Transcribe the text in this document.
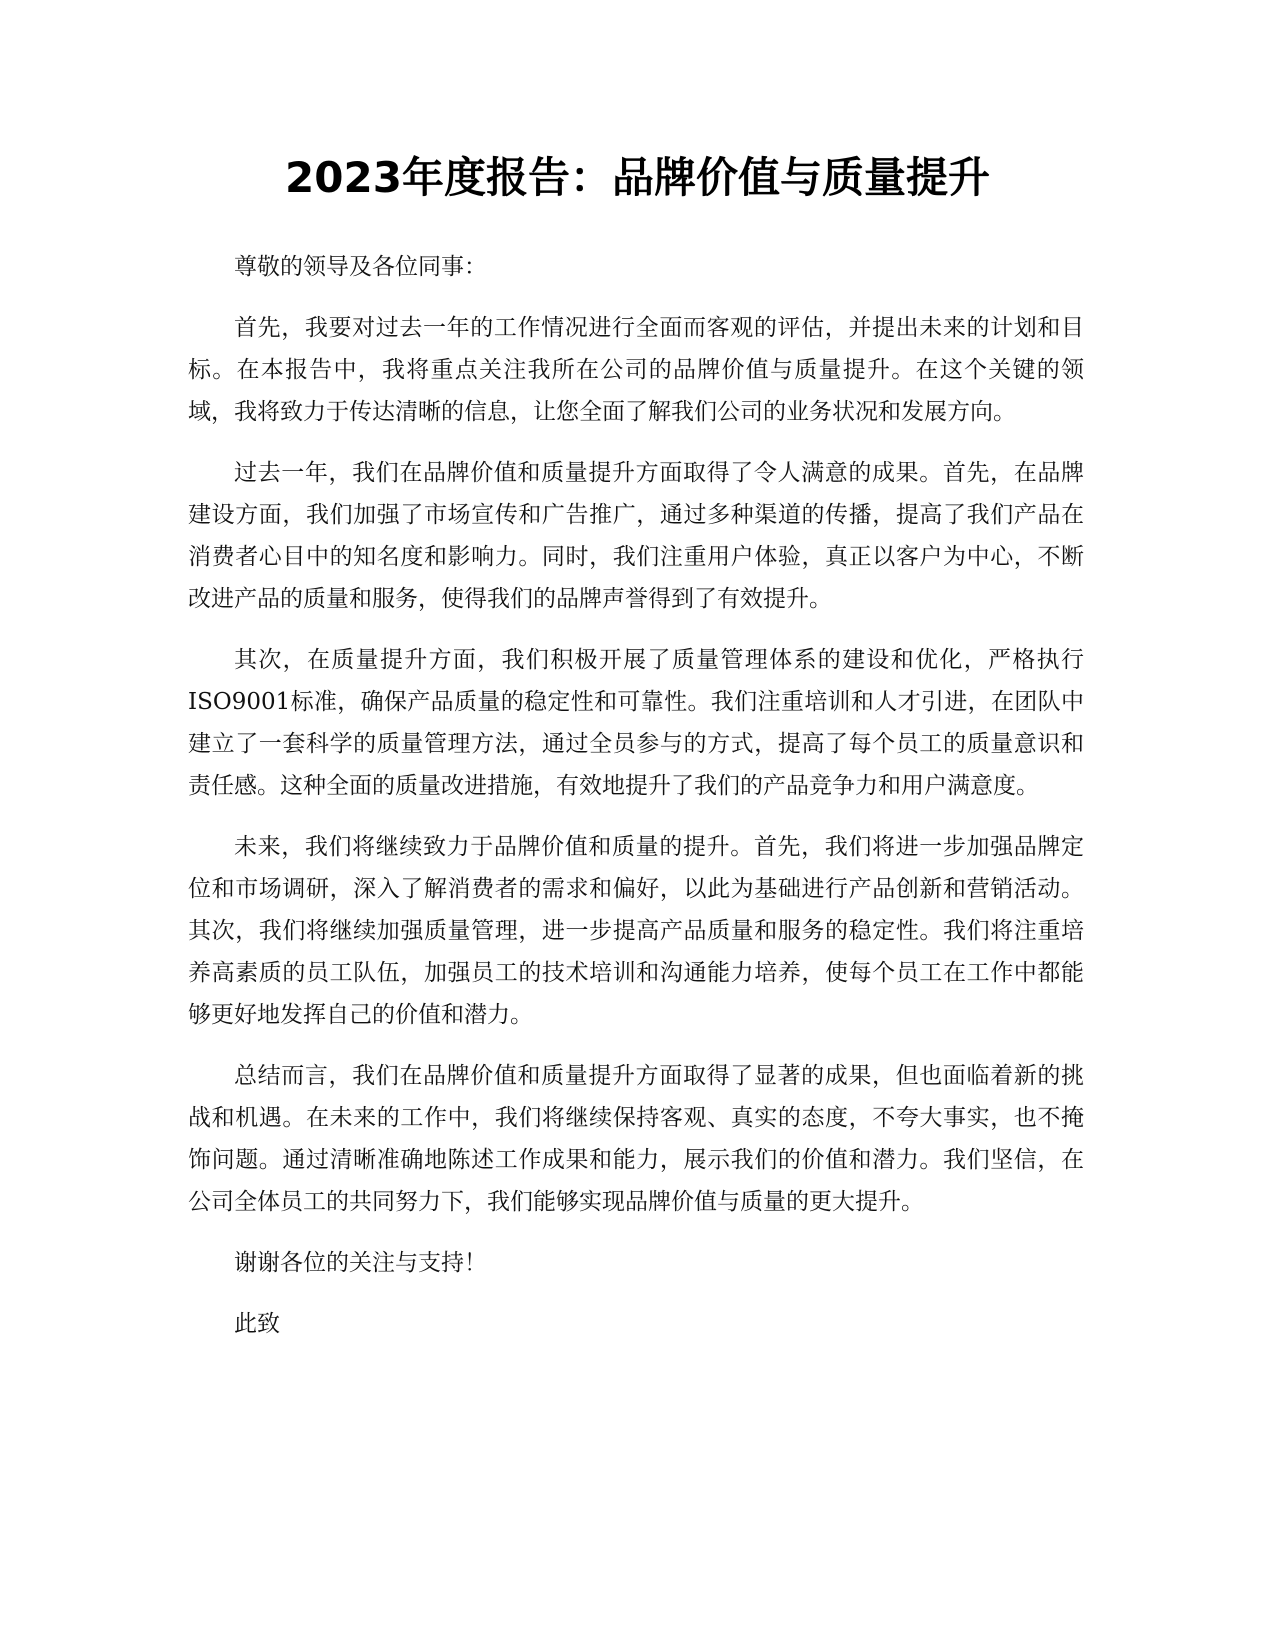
2023年度报告：品牌价值与质量提升

尊敬的领导及各位同事：

首先，我要对过去一年的工作情况进行全面而客观的评估，并提出未来的计划和目标。在本报告中，我将重点关注我所在公司的品牌价值与质量提升。在这个关键的领域，我将致力于传达清晰的信息，让您全面了解我们公司的业务状况和发展方向。

过去一年，我们在品牌价值和质量提升方面取得了令人满意的成果。首先，在品牌建设方面，我们加强了市场宣传和广告推广，通过多种渠道的传播，提高了我们产品在消费者心目中的知名度和影响力。同时，我们注重用户体验，真正以客户为中心，不断改进产品的质量和服务，使得我们的品牌声誉得到了有效提升。

其次，在质量提升方面，我们积极开展了质量管理体系的建设和优化，严格执行ISO9001标准，确保产品质量的稳定性和可靠性。我们注重培训和人才引进，在团队中建立了一套科学的质量管理方法，通过全员参与的方式，提高了每个员工的质量意识和责任感。这种全面的质量改进措施，有效地提升了我们的产品竞争力和用户满意度。

未来，我们将继续致力于品牌价值和质量的提升。首先，我们将进一步加强品牌定位和市场调研，深入了解消费者的需求和偏好，以此为基础进行产品创新和营销活动。其次，我们将继续加强质量管理，进一步提高产品质量和服务的稳定性。我们将注重培养高素质的员工队伍，加强员工的技术培训和沟通能力培养，使每个员工在工作中都能够更好地发挥自己的价值和潜力。

总结而言，我们在品牌价值和质量提升方面取得了显著的成果，但也面临着新的挑战和机遇。在未来的工作中，我们将继续保持客观、真实的态度，不夸大事实，也不掩饰问题。通过清晰准确地陈述工作成果和能力，展示我们的价值和潜力。我们坚信，在公司全体员工的共同努力下，我们能够实现品牌价值与质量的更大提升。

谢谢各位的关注与支持！

此致
